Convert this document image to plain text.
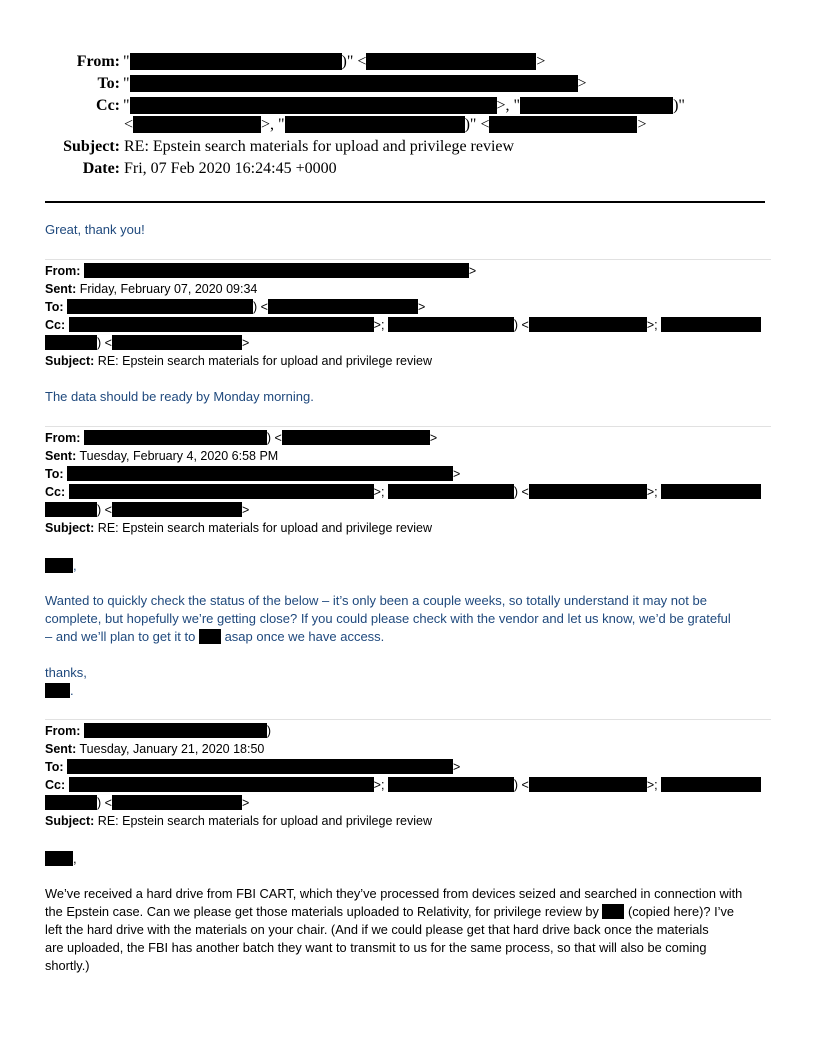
From: "	)" <	>
To: "	>
Cc: "	>, "	)"
<	>, "	)" <	>
Subject: RE: Epstein search materials for upload and privilege review
Date: Fri, 07 Feb 2020 16:24:45 +0000
Great, thank you!
From:	>
Sent: Friday, February 07, 2020 09:34
To:	) <	>
Cc:	>;	) <	>;
) <	>
Subject: RE: Epstein search materials for upload and privilege review
The data should be ready by Monday morning.
From:	) <	>
Sent: Tuesday, February 4, 2020 6:58 PM
To:	>
Cc:	>;	) <	>;
) <	>
Subject: RE: Epstein search materials for upload and privilege review
,
Wanted to quickly check the status of the below – it’s only been a couple weeks, so totally understand it may not be
complete, but hopefully we’re getting close? If you could please check with the vendor and let us know, we’d be grateful
– and we’ll plan to get it to asap once we have access.
thanks,
.
From:	)
Sent: Tuesday, January 21, 2020 18:50
To:	>
Cc:	>;	) <	>;
) <	>
Subject: RE: Epstein search materials for upload and privilege review
,
We’ve received a hard drive from FBI CART, which they’ve processed from devices seized and searched in connection with
the Epstein case. Can we please get those materials uploaded to Relativity, for privilege review by (copied here)? I’ve
left the hard drive with the materials on your chair. (And if we could please get that hard drive back once the materials
are uploaded, the FBI has another batch they want to transmit to us for the same process, so that will also be coming
shortly.)
